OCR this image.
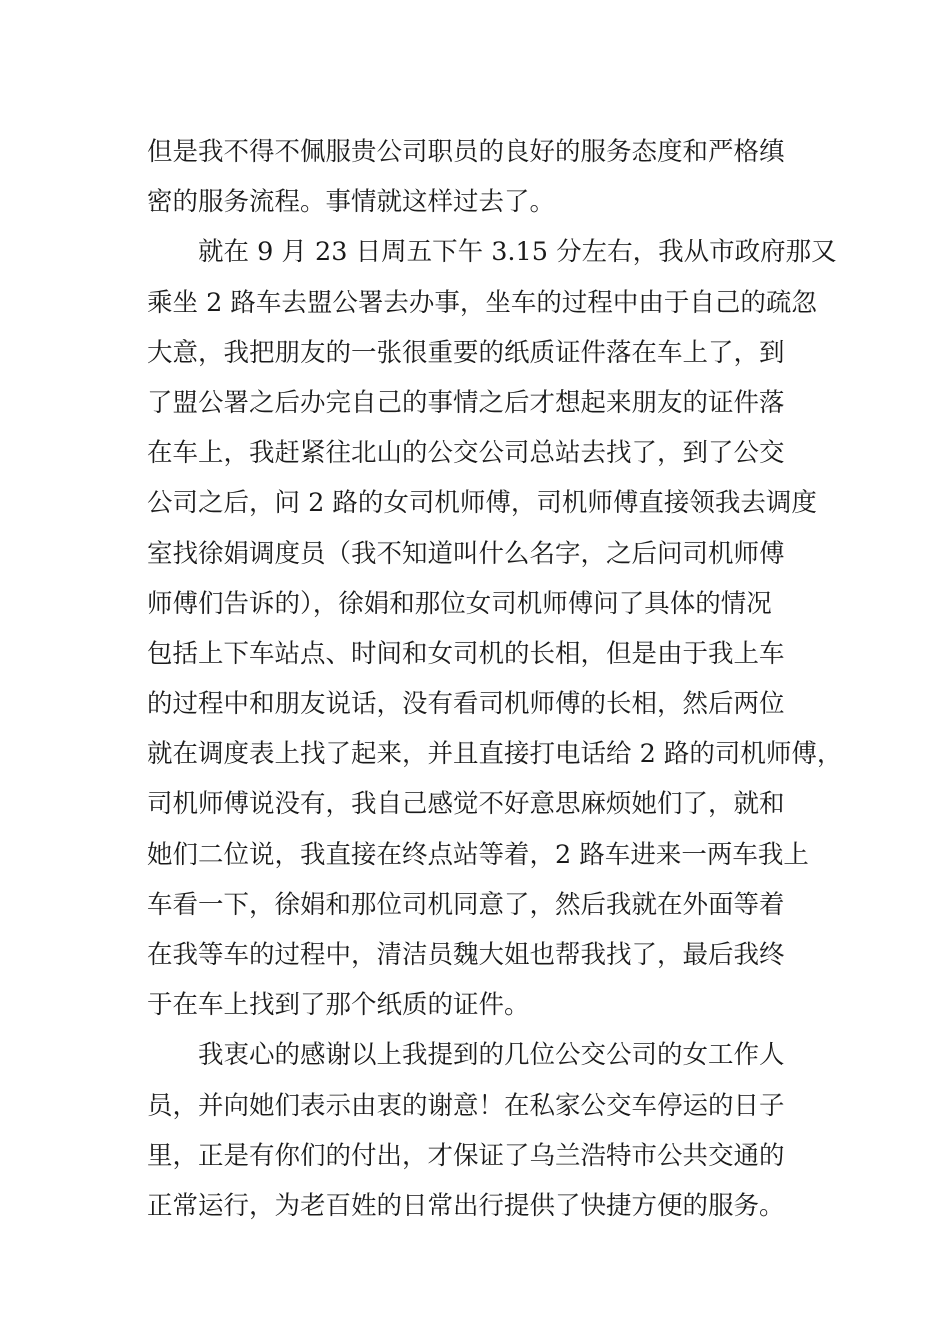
但是我不得不佩服贵公司职员的良好的服务态度和严格缜
密的服务流程。事情就这样过去了。
就在 9 月 23 日周五下午 3.15 分左右，我从市政府那又
乘坐 2 路车去盟公署去办事，坐车的过程中由于自己的疏忽
大意，我把朋友的一张很重要的纸质证件落在车上了，到
了盟公署之后办完自己的事情之后才想起来朋友的证件落
在车上，我赶紧往北山的公交公司总站去找了，到了公交
公司之后，问 2 路的女司机师傅，司机师傅直接领我去调度
室找徐娟调度员（我不知道叫什么名字，之后问司机师傅
师傅们告诉的），徐娟和那位女司机师傅问了具体的情况
包括上下车站点、时间和女司机的长相，但是由于我上车
的过程中和朋友说话，没有看司机师傅的长相，然后两位
就在调度表上找了起来，并且直接打电话给 2 路的司机师傅，
司机师傅说没有，我自己感觉不好意思麻烦她们了，就和
她们二位说，我直接在终点站等着，2 路车进来一两车我上
车看一下，徐娟和那位司机同意了，然后我就在外面等着
在我等车的过程中，清洁员魏大姐也帮我找了，最后我终
于在车上找到了那个纸质的证件。
我衷心的感谢以上我提到的几位公交公司的女工作人
员，并向她们表示由衷的谢意！在私家公交车停运的日子
里，正是有你们的付出，才保证了乌兰浩特市公共交通的
正常运行，为老百姓的日常出行提供了快捷方便的服务。
